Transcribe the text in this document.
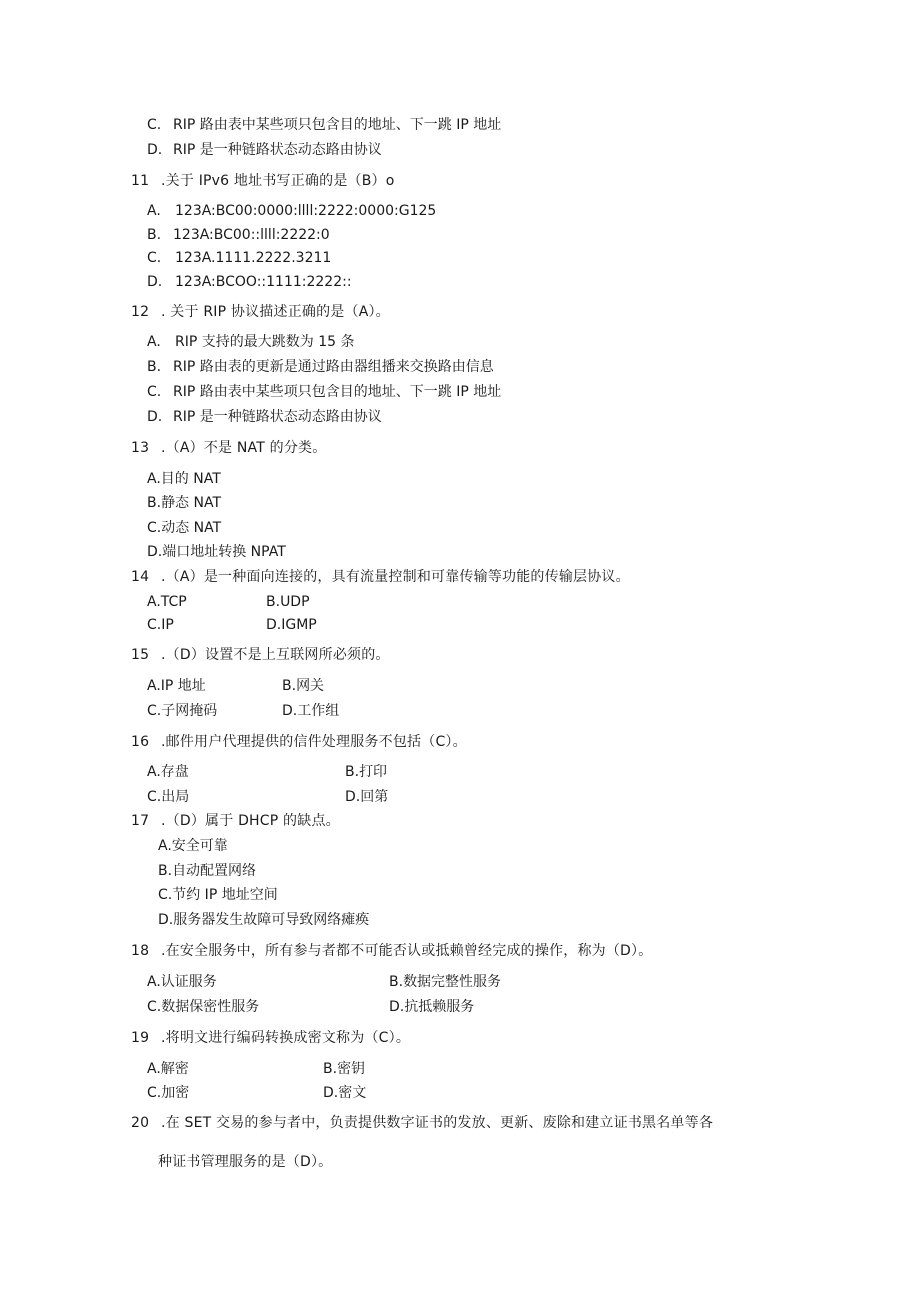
C. RIP 路由表中某些项只包含目的地址、下一跳 IP 地址
D. RIP 是一种链路状态动态路由协议
11 .关于 IPv6 地址书写正确的是（B）o
A. 123A:BC00:0000:llll:2222:0000:G125
B. 123A:BC00::llll:2222:0
C. 123A.1111.2222.3211
D. 123A:BCOO::1111:2222::
12 . 关于 RIP 协议描述正确的是（A）。
A. RIP 支持的最大跳数为 15 条
B. RIP 路由表的更新是通过路由器组播来交换路由信息
C. RIP 路由表中某些项只包含目的地址、下一跳 IP 地址
D. RIP 是一种链路状态动态路由协议
13 .（A）不是 NAT 的分类。
A.目的 NAT
B.静态 NAT
C.动态 NAT
D.端口地址转换 NPAT
14 .（A）是一种面向连接的，具有流量控制和可靠传输等功能的传输层协议。
A.TCP	B.UDP
C.IP	D.IGMP
15 .（D）设置不是上互联网所必须的。
A.IP 地址	B.网关
C.子网掩码	D.工作组
16 .邮件用户代理提供的信件处理服务不包括（C）。
A.存盘	B.打印
C.出局	D.回第
17 .（D）属于 DHCP 的缺点。
A.安全可靠
B.自动配置网络
C.节约 IP 地址空间
D.服务器发生故障可导致网络瘫痪
18 .在安全服务中，所有参与者都不可能否认或抵赖曾经完成的操作，称为（D）。
A.认证服务	B.数据完整性服务
C.数据保密性服务	D.抗抵赖服务
19 .将明文进行编码转换成密文称为（C）。
A.解密	B.密钥
C.加密	D.密文
20 .在 SET 交易的参与者中，负责提供数字证书的发放、更新、废除和建立证书黑名单等各
种证书管理服务的是（D）。
